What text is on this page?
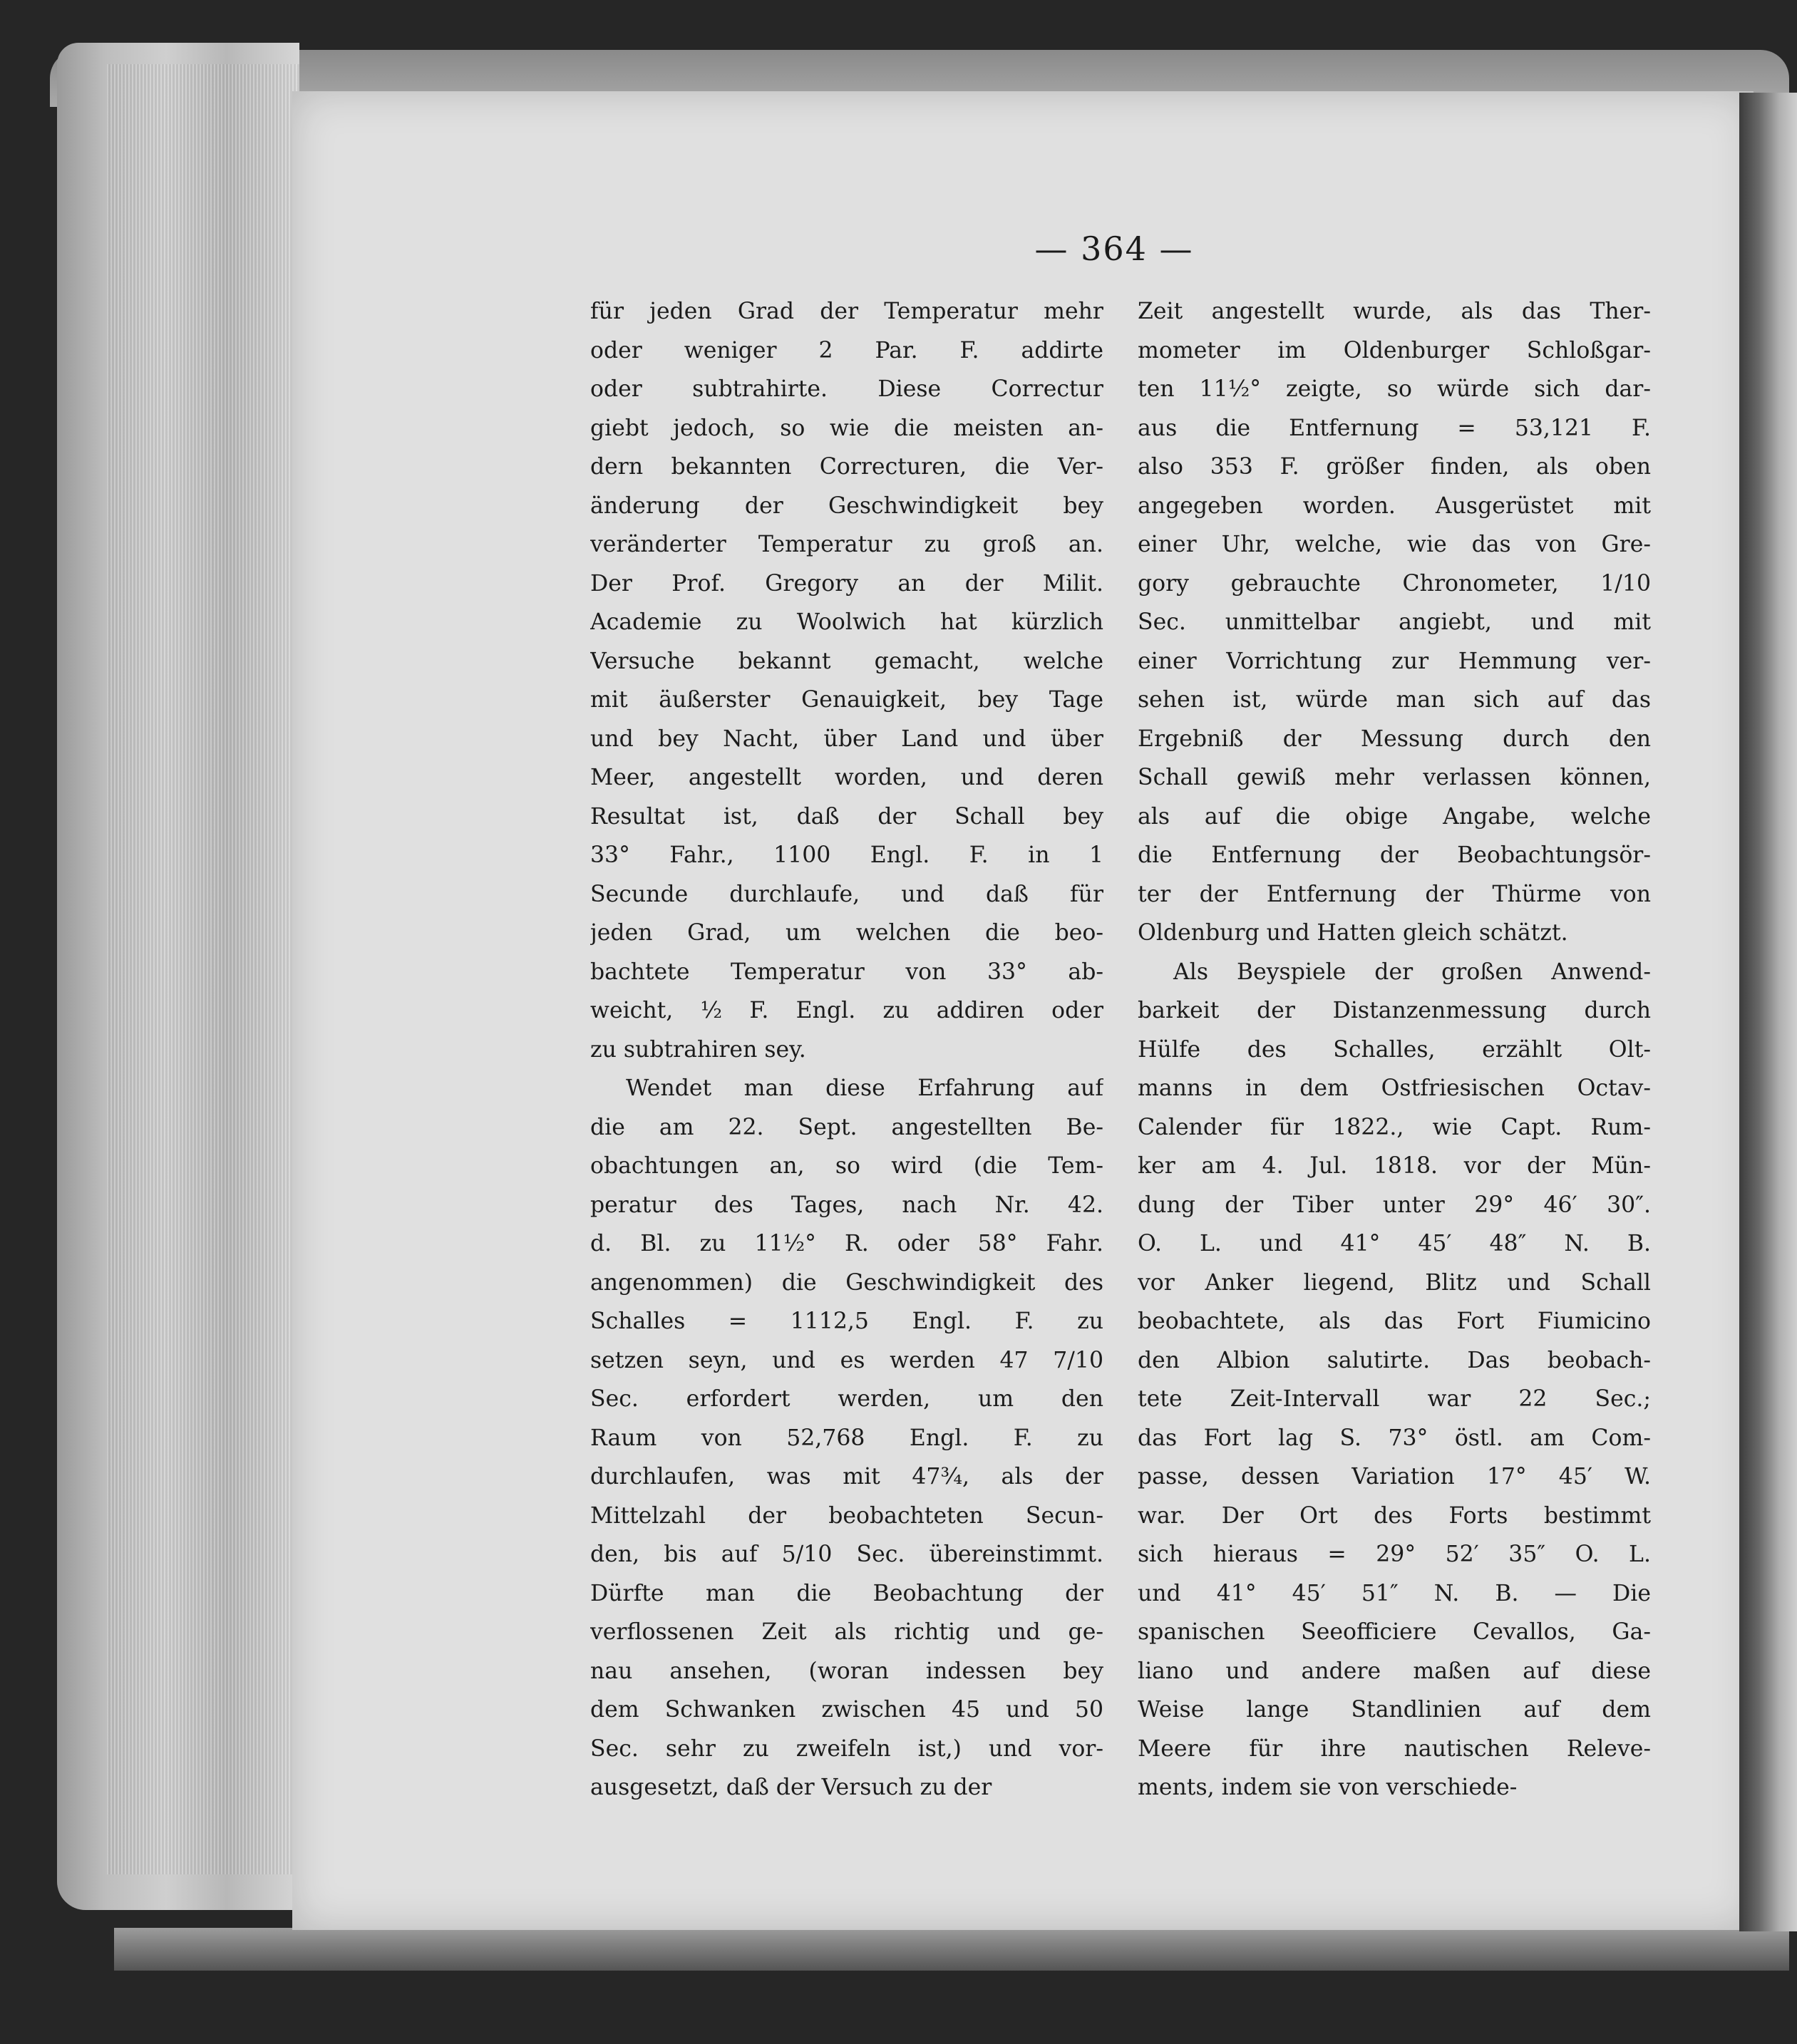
— 364 —
für jeden Grad der Temperatur mehr
oder weniger 2 Par. F. addirte
oder subtrahirte. Diese Correctur
giebt jedoch, so wie die meisten an-
dern bekannten Correcturen, die Ver-
änderung der Geschwindigkeit bey
veränderter Temperatur zu groß an.
Der Prof. Gregory an der Milit.
Academie zu Woolwich hat kürzlich
Versuche bekannt gemacht, welche
mit äußerster Genauigkeit, bey Tage
und bey Nacht, über Land und über
Meer, angestellt worden, und deren
Resultat ist, daß der Schall bey
33° Fahr., 1100 Engl. F. in 1
Secunde durchlaufe, und daß für
jeden Grad, um welchen die beo-
bachtete Temperatur von 33° ab-
weicht, ½ F. Engl. zu addiren oder
zu subtrahiren sey.
Wendet man diese Erfahrung auf
die am 22. Sept. angestellten Be-
obachtungen an, so wird (die Tem-
peratur des Tages, nach Nr. 42.
d. Bl. zu 11½° R. oder 58° Fahr.
angenommen) die Geschwindigkeit des
Schalles = 1112,5 Engl. F. zu
setzen seyn, und es werden 47 7/10
Sec. erfordert werden, um den
Raum von 52,768 Engl. F. zu
durchlaufen, was mit 47¾, als der
Mittelzahl der beobachteten Secun-
den, bis auf 5/10 Sec. übereinstimmt.
Dürfte man die Beobachtung der
verflossenen Zeit als richtig und ge-
nau ansehen, (woran indessen bey
dem Schwanken zwischen 45 und 50
Sec. sehr zu zweifeln ist,) und vor-
ausgesetzt, daß der Versuch zu der
Zeit angestellt wurde, als das Ther-
mometer im Oldenburger Schloßgar-
ten 11½° zeigte, so würde sich dar-
aus die Entfernung = 53,121 F.
also 353 F. größer finden, als oben
angegeben worden. Ausgerüstet mit
einer Uhr, welche, wie das von Gre-
gory gebrauchte Chronometer, 1/10
Sec. unmittelbar angiebt, und mit
einer Vorrichtung zur Hemmung ver-
sehen ist, würde man sich auf das
Ergebniß der Messung durch den
Schall gewiß mehr verlassen können,
als auf die obige Angabe, welche
die Entfernung der Beobachtungsör-
ter der Entfernung der Thürme von
Oldenburg und Hatten gleich schätzt.
Als Beyspiele der großen Anwend-
barkeit der Distanzenmessung durch
Hülfe des Schalles, erzählt Olt-
manns in dem Ostfriesischen Octav-
Calender für 1822., wie Capt. Rum-
ker am 4. Jul. 1818. vor der Mün-
dung der Tiber unter 29° 46′ 30″.
O. L. und 41° 45′ 48″ N. B.
vor Anker liegend, Blitz und Schall
beobachtete, als das Fort Fiumicino
den Albion salutirte. Das beobach-
tete Zeit-Intervall war 22 Sec.;
das Fort lag S. 73° östl. am Com-
passe, dessen Variation 17° 45′ W.
war. Der Ort des Forts bestimmt
sich hieraus = 29° 52′ 35″ O. L.
und 41° 45′ 51″ N. B. — Die
spanischen Seeofficiere Cevallos, Ga-
liano und andere maßen auf diese
Weise lange Standlinien auf dem
Meere für ihre nautischen Releve-
ments, indem sie von verschiede-
